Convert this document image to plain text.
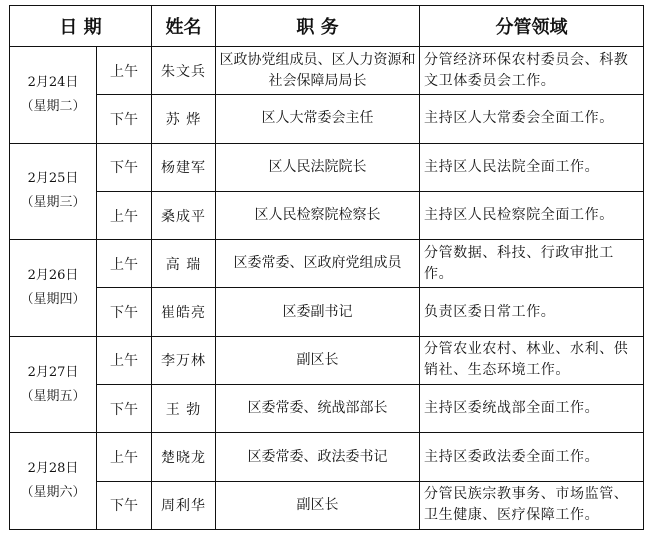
日 期		姓名	职 务	分管领域

2月24日
（星期二）	上午	朱文兵	区政协党组成员、区人力资源和社会保障局局长	分管经济环保农村委员会、科教文卫体委员会工作。
	下午	苏 烨	区人大常委会主任	主持区人大常委会全面工作。

2月25日
（星期三）	下午	杨建军	区人民法院院长	主持区人民法院全面工作。
	上午	桑成平	区人民检察院检察长	主持区人民检察院全面工作。

2月26日
（星期四）	上午	高 瑞	区委常委、区政府党组成员	分管数据、科技、行政审批工作。
	下午	崔皓亮	区委副书记	负责区委日常工作。

2月27日
（星期五）	上午	李万林	副区长	分管农业农村、林业、水利、供销社、生态环境工作。
	下午	王 勃	区委常委、统战部部长	主持区委统战部全面工作。

2月28日
（星期六）	上午	楚晓龙	区委常委、政法委书记	主持区委政法委全面工作。
	下午	周利华	副区长	分管民族宗教事务、市场监管、卫生健康、医疗保障工作。
